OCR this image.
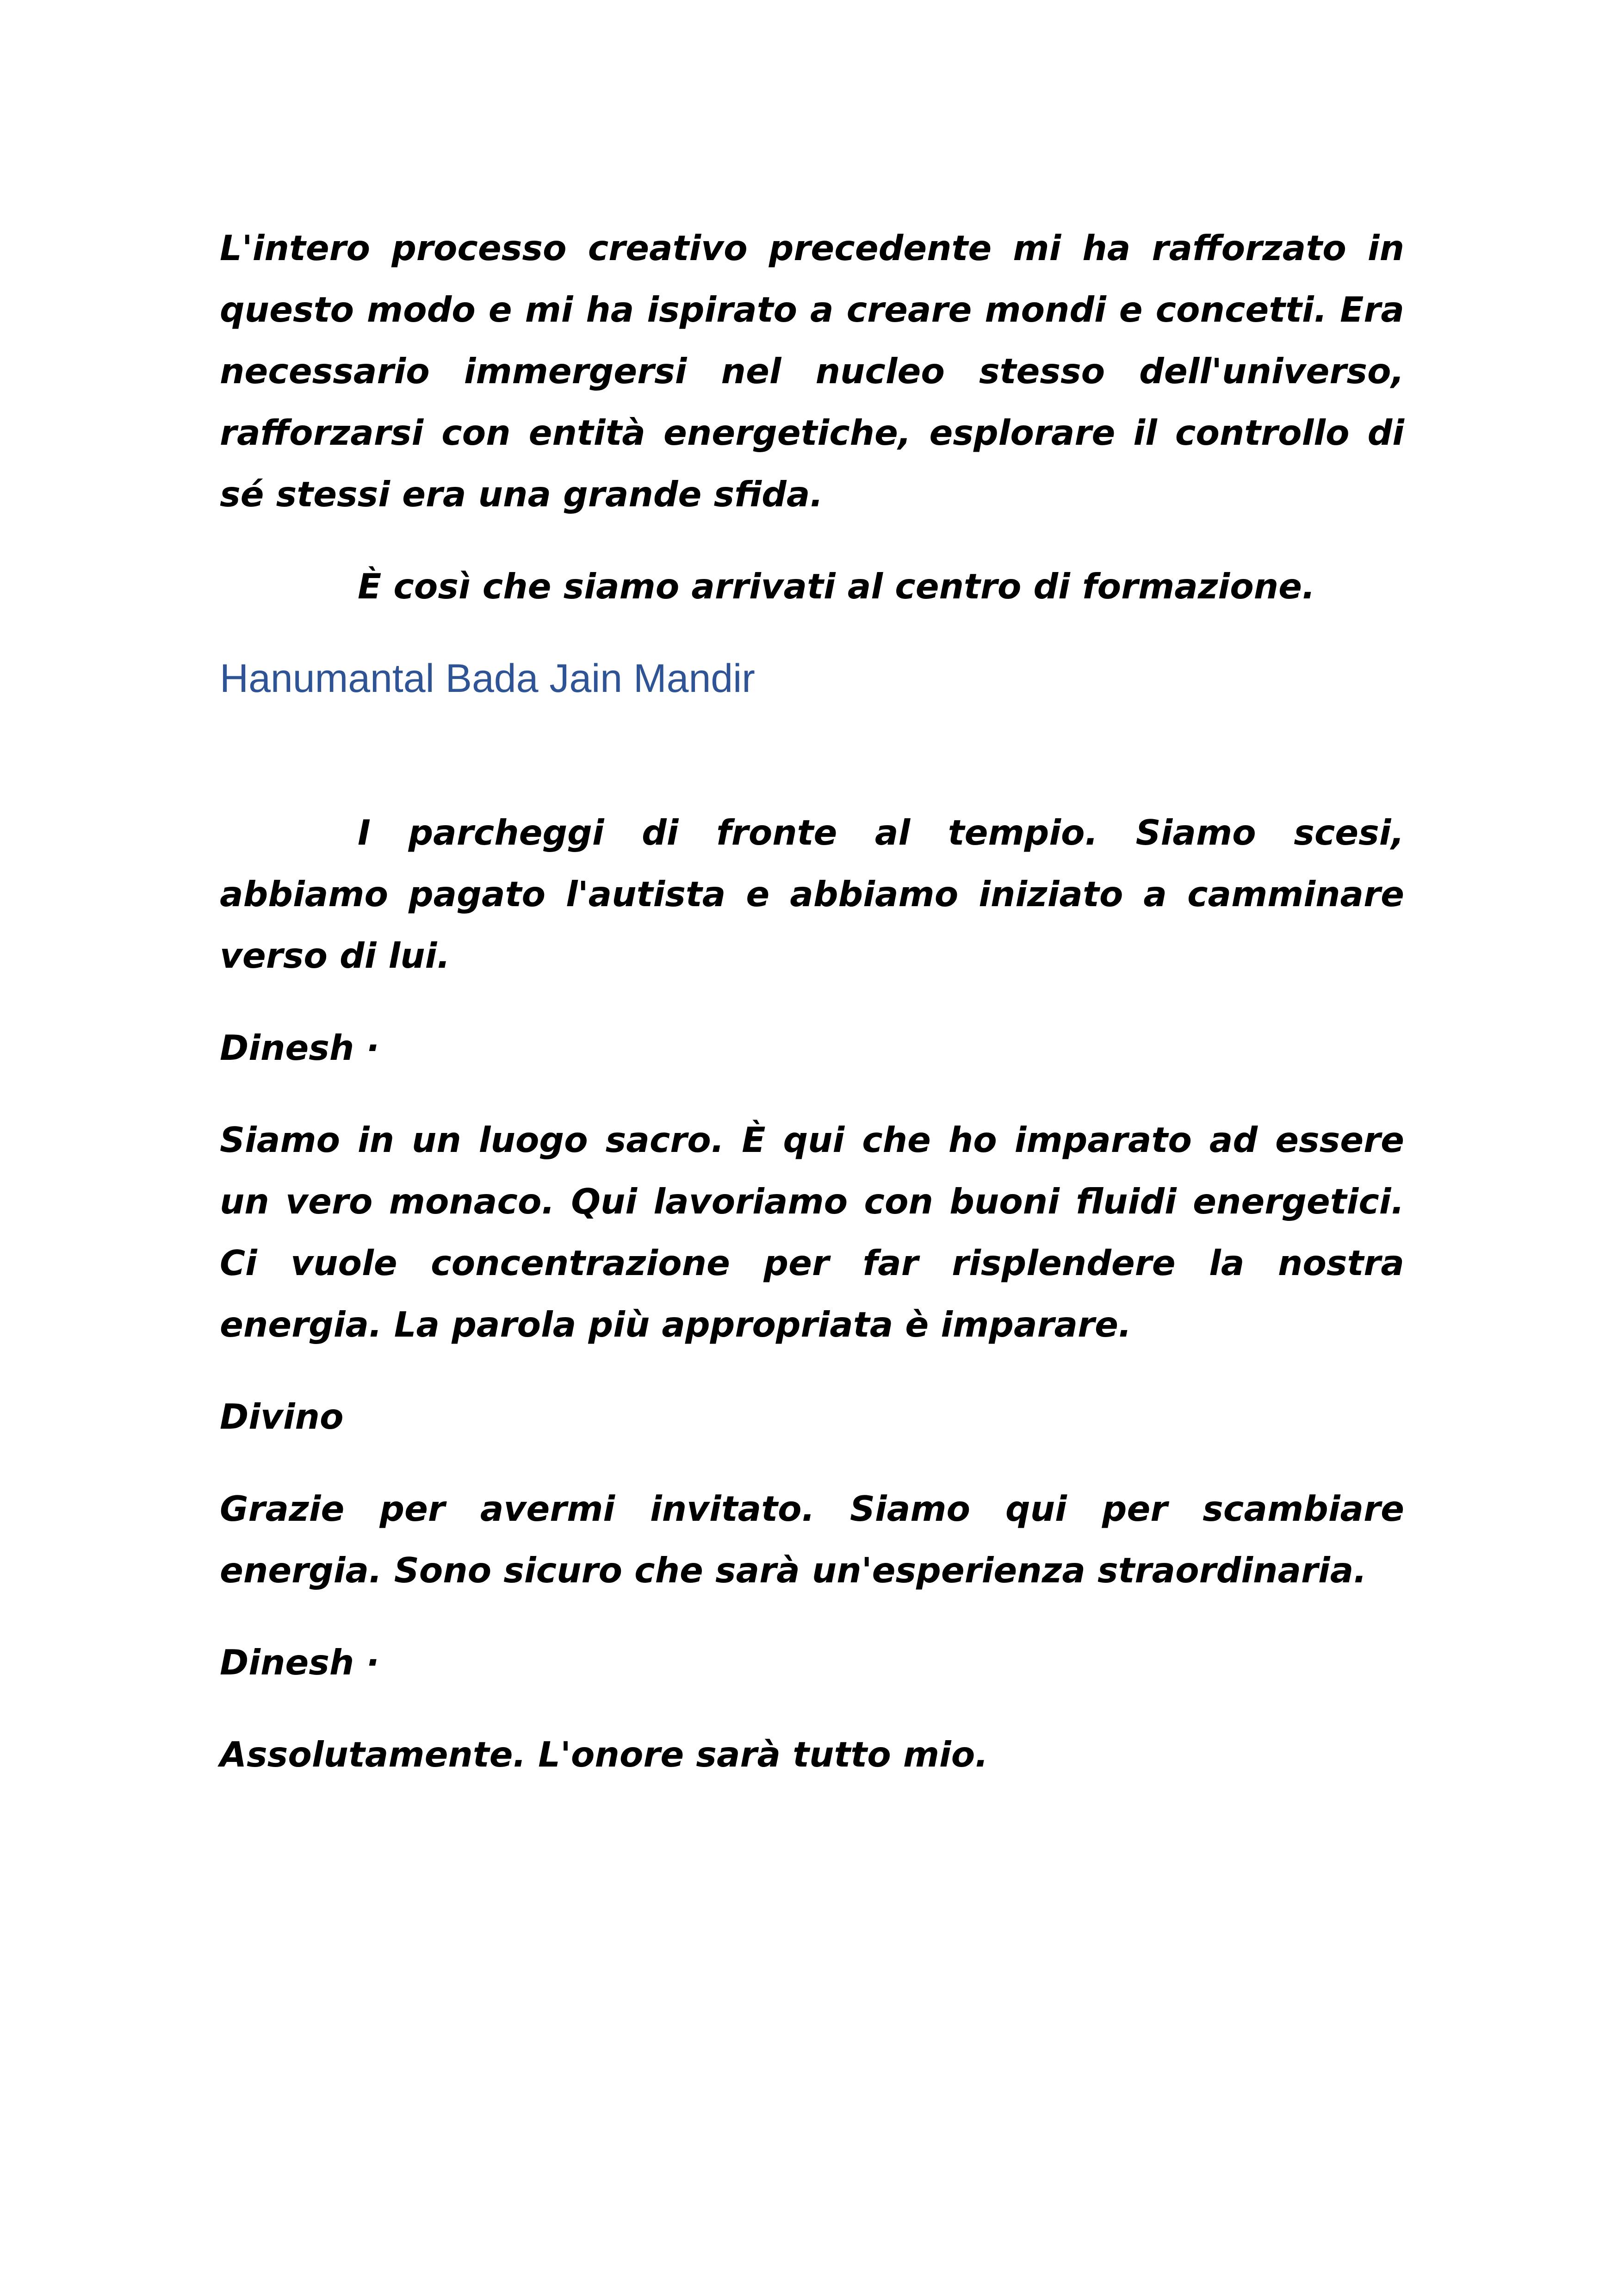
L'intero processo creativo precedente mi ha rafforzato in questo modo e mi ha ispirato a creare mondi e concetti. Era necessario immergersi nel nucleo stesso dell'universo, rafforzarsi con entità energetiche, esplorare il controllo di sé stessi era una grande sfida.

È così che siamo arrivati al centro di formazione.

Hanumantal Bada Jain Mandir

I parcheggi di fronte al tempio. Siamo scesi, abbiamo pagato l'autista e abbiamo iniziato a camminare verso di lui.

Dinesh ·

Siamo in un luogo sacro. È qui che ho imparato ad essere un vero monaco. Qui lavoriamo con buoni fluidi energetici. Ci vuole concentrazione per far risplendere la nostra energia. La parola più appropriata è imparare.

Divino

Grazie per avermi invitato. Siamo qui per scambiare energia. Sono sicuro che sarà un'esperienza straordinaria.

Dinesh ·

Assolutamente. L'onore sarà tutto mio.
